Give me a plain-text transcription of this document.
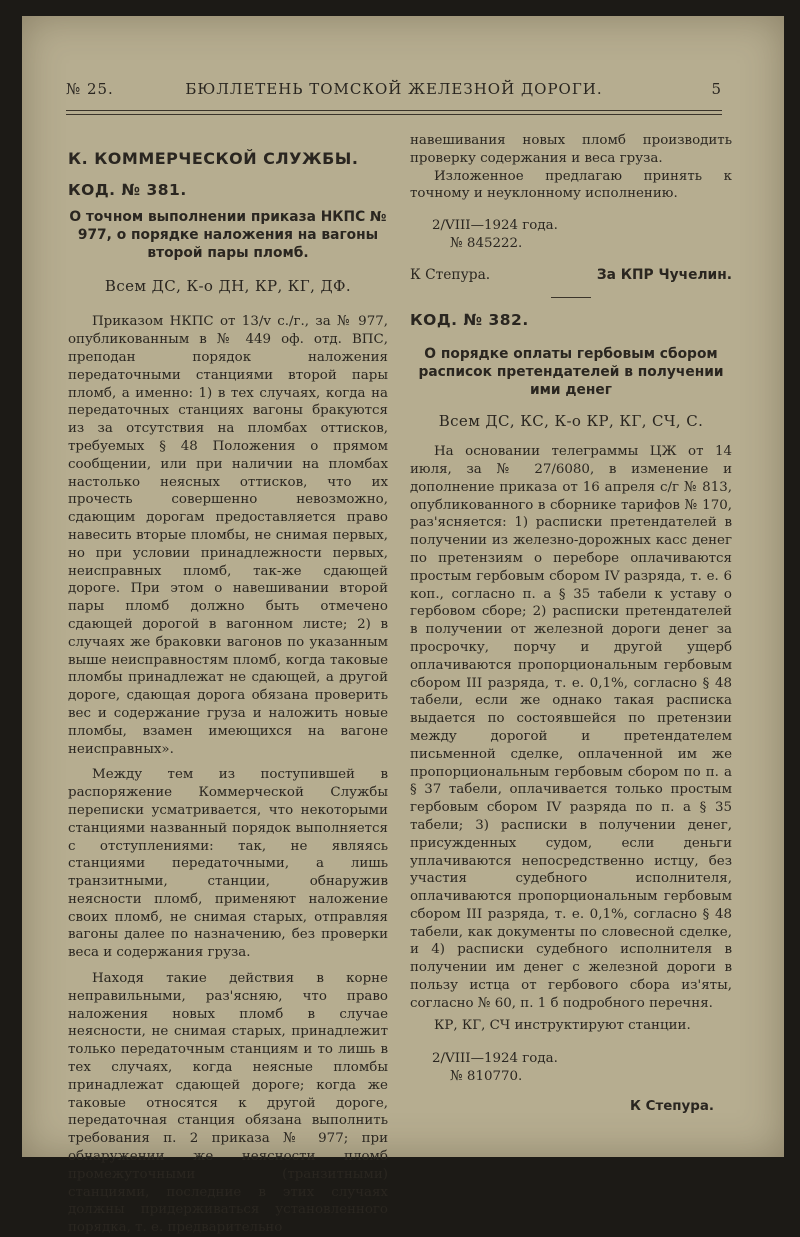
№ 25.	БЮЛЛЕТЕНЬ ТОМСКОЙ ЖЕЛЕЗНОЙ ДОРОГИ.	5

К. КОММЕРЧЕСКОЙ СЛУЖБЫ.

КОД. № 381.

О точном выполнении приказа НКПС № 977, о порядке наложения на вагоны второй пары пломб.

Всем ДС, К-о ДН, КР, КГ, ДФ.

Приказом НКПС от 13/v с./г., за № 977, опубликованным в № 449 оф. отд. ВПС, преподан порядок наложения передаточными станциями второй пары пломб, а именно: 1) в тех случаях, когда на передаточных станциях вагоны бракуются из за отсутствия на пломбах оттисков, требуемых § 48 Положения о прямом сообщении, или при наличии на пломбах настолько неясных оттисков, что их прочесть совершенно невозможно, сдающим дорогам предоставляется право навесить вторые пломбы, не снимая первых, но при условии принадлежности первых, неисправных пломб, так-же сдающей дороге. При этом о навешивании второй пары пломб должно быть отмечено сдающей дорогой в вагонном листе; 2) в случаях же браковки вагонов по указанным выше неисправностям пломб, когда таковые пломбы принадлежат не сдающей, а другой дороге, сдающая дорога обязана проверить вес и содержание груза и наложить новые пломбы, взамен имеющихся на вагоне неисправных».

Между тем из поступившей в распоряжение Коммерческой Службы переписки усматривается, что некоторыми станциями названный порядок выполняется с отступлениями: так, не являясь станциями передаточными, а лишь транзитными, станции, обнаружив неясности пломб, применяют наложение своих пломб, не снимая старых, отправляя вагоны далее по назначению, без проверки веса и содержания груза.

Находя такие действия в корне неправильными, раз'ясняю, что право наложения новых пломб в случае неясности, не снимая старых, принадлежит только передаточным станциям и то лишь в тех случаях, когда неясные пломбы принадлежат сдающей дороге; когда же таковые относятся к другой дороге, передаточная станция обязана выполнить требования п. 2 приказа № 977; при обнаружении же неясности пломб промежуточными (транзитными) станциями, последние в этих случаях должны придерживаться установленного порядка, т. е. предварительно

навешивания новых пломб производить проверку содержания и веса груза.

Изложенное предлагаю принять к точному и неуклонному исполнению.

2/VIII—1924 года.

№ 845222.

К Степура.	За КПР Чучелин.

КОД. № 382.

О порядке оплаты гербовым сбором расписок претендателей в получении ими денег

Всем ДС, КС, К-о КР, КГ, СЧ, С.

На основании телеграммы ЦЖ от 14 июля, за № 27/6080, в изменение и дополнение приказа от 16 апреля с/г № 813, опубликованного в сборнике тарифов № 170, раз'ясняется: 1) расписки претендателей в получении из железно-дорожных касс денег по претензиям о переборе оплачиваются простым гербовым сбором IV разряда, т. е. 6 коп., согласно п. а § 35 табели к уставу о гербовом сборе; 2) расписки претендателей в получении от железной дороги денег за просрочку, порчу и другой ущерб оплачиваются пропорциональным гербовым сбором III разряда, т. е. 0,1%, согласно § 48 табели, если же однако такая расписка выдается по состоявшейся по претензии между дорогой и претендателем письменной сделке, оплаченной им же пропорциональным гербовым сбором по п. а § 37 табели, оплачивается только простым гербовым сбором IV разряда по п. а § 35 табели; 3) расписки в получении денег, присужденных судом, если деньги уплачиваются непосредственно истцу, без участия судебного исполнителя, оплачиваются пропорциональным гербовым сбором III разряда, т. е. 0,1%, согласно § 48 табели, как документы по словесной сделке, и 4) расписки судебного исполнителя в получении им денег с железной дороги в пользу истца от гербового сбора из'яты, согласно № 60, п. 1 б подробного перечня.

КР, КГ, СЧ инструктируют станции.

2/VIII—1924 года.

№ 810770.

К Степура.
